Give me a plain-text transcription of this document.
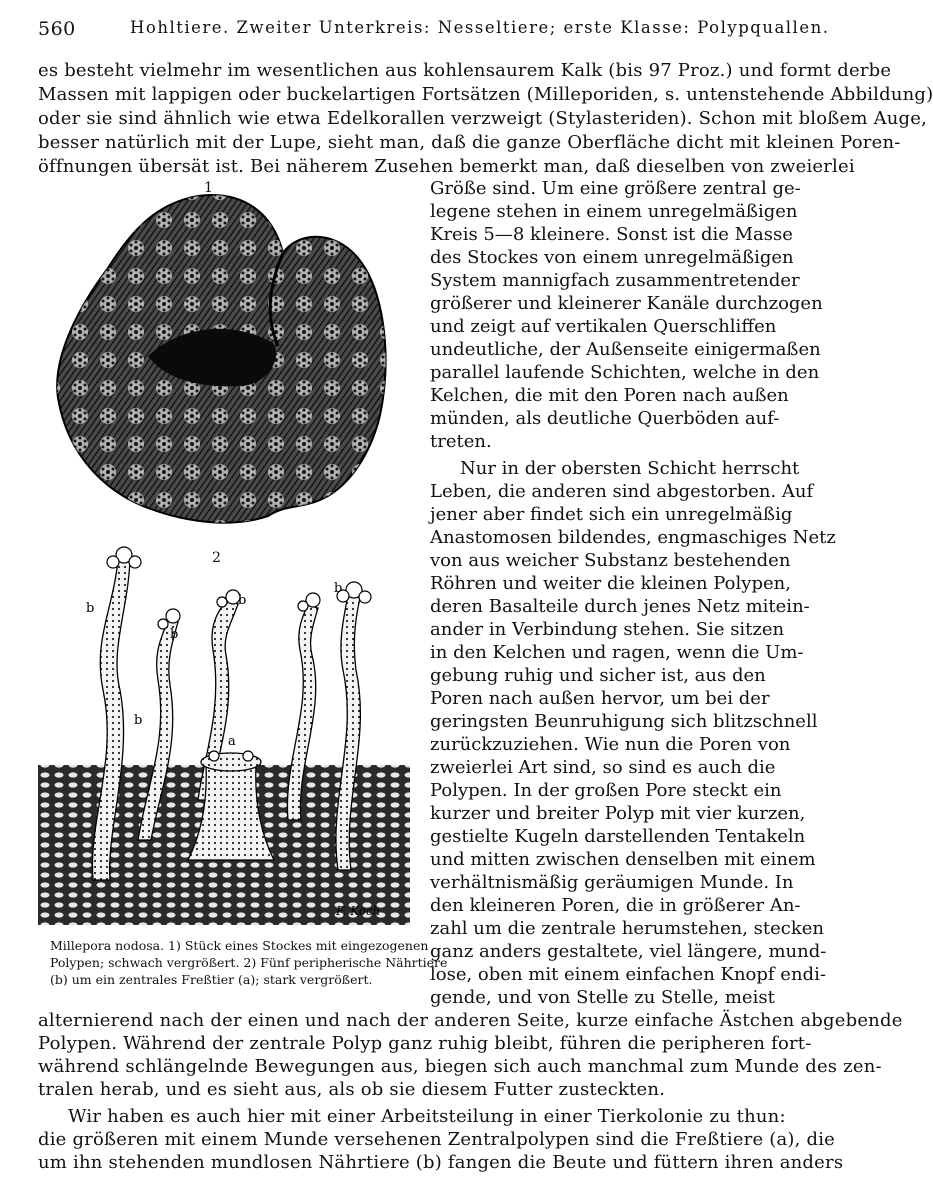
560	Hohltiere. Zweiter Unterkreis: Nesseltiere; erste Klasse: Polypquallen.
es besteht vielmehr im wesentlichen aus kohlensaurem Kalk (bis 97 Proz.) und formt derbe
Massen mit lappigen oder buckelartigen Fortsätzen (Milleporiden, s. untenstehende Abbildung)
oder sie sind ähnlich wie etwa Edelkorallen verzweigt (Stylasteriden). Schon mit bloßem Auge,
besser natürlich mit der Lupe, sieht man, daß die ganze Oberfläche dicht mit kleinen Poren-
öffnungen übersät ist. Bei näherem Zusehen bemerkt man, daß dieselben von zweierlei
1
2
a
b
b
b
b
b
F. Koch
Millepora nodosa. 1) Stück eines Stockes mit eingezogenen
Polypen; schwach vergrößert. 2) Fünf peripherische Nährtiere
(b) um ein zentrales Freßtier (a); stark vergrößert.
Größe sind. Um eine größere zentral ge-
legene stehen in einem unregelmäßigen
Kreis 5—8 kleinere. Sonst ist die Masse
des Stockes von einem unregelmäßigen
System mannigfach zusammentretender
größerer und kleinerer Kanäle durchzogen
und zeigt auf vertikalen Querschliffen
undeutliche, der Außenseite einigermaßen
parallel laufende Schichten, welche in den
Kelchen, die mit den Poren nach außen
münden, als deutliche Querböden auf-
treten.
Nur in der obersten Schicht herrscht
Leben, die anderen sind abgestorben. Auf
jener aber findet sich ein unregelmäßig
Anastomosen bildendes, engmaschiges Netz
von aus weicher Substanz bestehenden
Röhren und weiter die kleinen Polypen,
deren Basalteile durch jenes Netz mitein-
ander in Verbindung stehen. Sie sitzen
in den Kelchen und ragen, wenn die Um-
gebung ruhig und sicher ist, aus den
Poren nach außen hervor, um bei der
geringsten Beunruhigung sich blitzschnell
zurückzuziehen. Wie nun die Poren von
zweierlei Art sind, so sind es auch die
Polypen. In der großen Pore steckt ein
kurzer und breiter Polyp mit vier kurzen,
gestielte Kugeln darstellenden Tentakeln
und mitten zwischen denselben mit einem
verhältnismäßig geräumigen Munde. In
den kleineren Poren, die in größerer An-
zahl um die zentrale herumstehen, stecken
ganz anders gestaltete, viel längere, mund-
lose, oben mit einem einfachen Knopf endi-
gende, und von Stelle zu Stelle, meist
alternierend nach der einen und nach der anderen Seite, kurze einfache Ästchen abgebende
Polypen. Während der zentrale Polyp ganz ruhig bleibt, führen die peripheren fort-
während schlängelnde Bewegungen aus, biegen sich auch manchmal zum Munde des zen-
tralen herab, und es sieht aus, als ob sie diesem Futter zusteckten.
Wir haben es auch hier mit einer Arbeitsteilung in einer Tierkolonie zu thun:
die größeren mit einem Munde versehenen Zentralpolypen sind die Freßtiere (a), die
um ihn stehenden mundlosen Nährtiere (b) fangen die Beute und füttern ihren anders
